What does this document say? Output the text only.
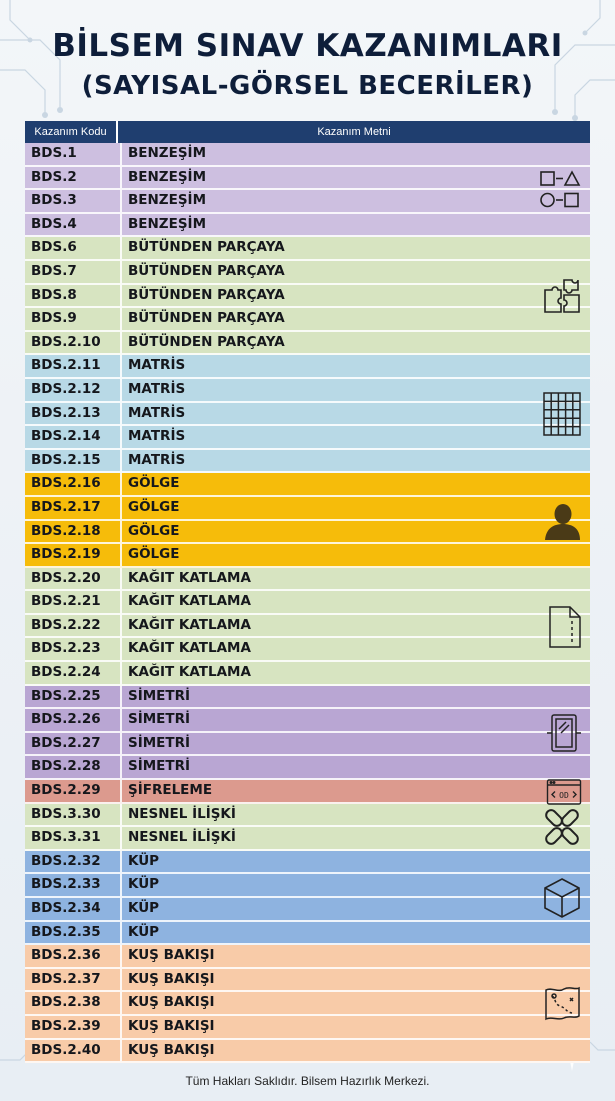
BİLSEM SINAV KAZANIMLARI
(SAYISAL-GÖRSEL BECERİLER)
Kazanım Kodu	Kazanım Metni
BDS.1	BENZEŞİM
BDS.2	BENZEŞİM
BDS.3	BENZEŞİM
BDS.4	BENZEŞİM
BDS.6	BÜTÜNDEN PARÇAYA
BDS.7	BÜTÜNDEN PARÇAYA
BDS.8	BÜTÜNDEN PARÇAYA
BDS.9	BÜTÜNDEN PARÇAYA
BDS.2.10	BÜTÜNDEN PARÇAYA
BDS.2.11	MATRİS
BDS.2.12	MATRİS
BDS.2.13	MATRİS
BDS.2.14	MATRİS
BDS.2.15	MATRİS
BDS.2.16	GÖLGE
BDS.2.17	GÖLGE
BDS.2.18	GÖLGE
BDS.2.19	GÖLGE
BDS.2.20	KAĞIT KATLAMA
BDS.2.21	KAĞIT KATLAMA
BDS.2.22	KAĞIT KATLAMA
BDS.2.23	KAĞIT KATLAMA
BDS.2.24	KAĞIT KATLAMA
BDS.2.25	SİMETRİ
BDS.2.26	SİMETRİ
BDS.2.27	SİMETRİ
BDS.2.28	SİMETRİ
BDS.2.29	ŞİFRELEME	OD
BDS.3.30	NESNEL İLİŞKİ
BDS.3.31	NESNEL İLİŞKİ
BDS.2.32	KÜP
BDS.2.33	KÜP
BDS.2.34	KÜP
BDS.2.35	KÜP
BDS.2.36	KUŞ BAKIŞI
BDS.2.37	KUŞ BAKIŞI
BDS.2.38	KUŞ BAKIŞI
BDS.2.39	KUŞ BAKIŞI
BDS.2.40	KUŞ BAKIŞI
Tüm Hakları Saklıdır. Bilsem Hazırlık Merkezi.
